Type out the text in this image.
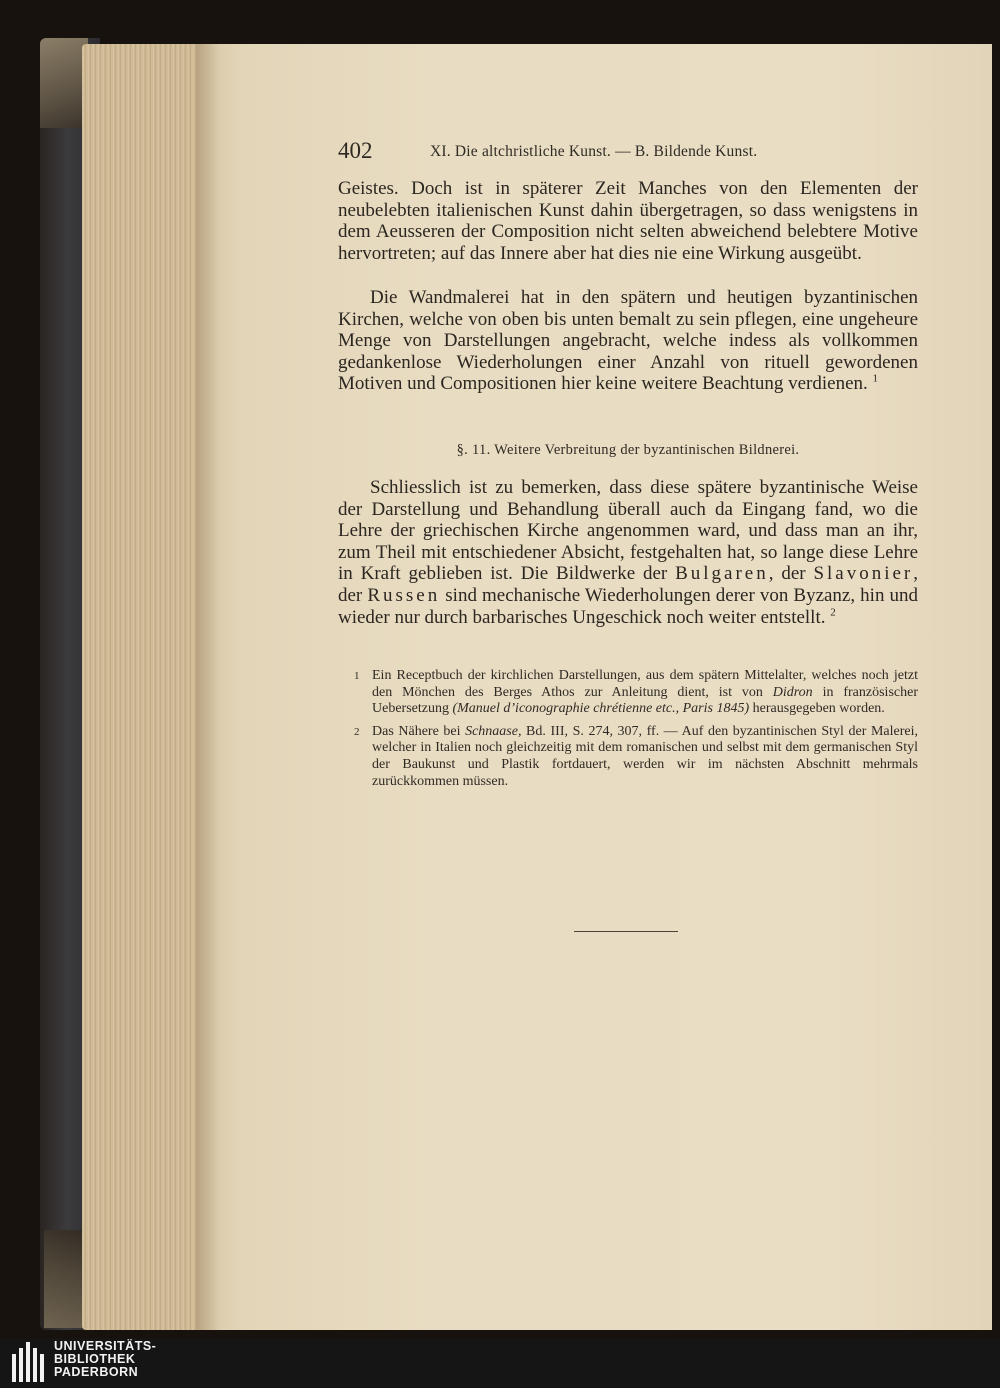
402	XI. Die altchristliche Kunst. — B. Bildende Kunst.
Geistes. Doch ist in späterer Zeit Manches von den Elementen der neubelebten italienischen Kunst dahin übergetragen, so dass wenigstens in dem Aeusseren der Composition nicht selten abweichend belebtere Motive hervortreten; auf das Innere aber hat dies nie eine Wirkung ausgeübt.
Die Wandmalerei hat in den spätern und heutigen byzantinischen Kirchen, welche von oben bis unten bemalt zu sein pflegen, eine ungeheure Menge von Darstellungen angebracht, welche indess als vollkommen gedankenlose Wiederholungen einer Anzahl von rituell gewordenen Motiven und Compositionen hier keine weitere Beachtung verdienen. $^1$
§. 11. Weitere Verbreitung der byzantinischen Bildnerei.
Schliesslich ist zu bemerken, dass diese spätere byzantinische Weise der Darstellung und Behandlung überall auch da Eingang fand, wo die Lehre der griechischen Kirche angenommen ward, und dass man an ihr, zum Theil mit entschiedener Absicht, festgehalten hat, so lange diese Lehre in Kraft geblieben ist. Die Bildwerke der Bulgaren, der Slavonier, der Russen sind mechanische Wiederholungen derer von Byzanz, hin und wieder nur durch barbarisches Ungeschick noch weiter entstellt. $^2$
1 Ein Receptbuch der kirchlichen Darstellungen, aus dem spätern Mittelalter, welches noch jetzt den Mönchen des Berges Athos zur Anleitung dient, ist von Didron in französischer Uebersetzung (Manuel d’iconographie chrétienne etc., Paris 1845) herausgegeben worden.
2 Das Nähere bei Schnaase, Bd. III, S. 274, 307, ff. — Auf den byzantinischen Styl der Malerei, welcher in Italien noch gleichzeitig mit dem romanischen und selbst mit dem germanischen Styl der Baukunst und Plastik fortdauert, werden wir im nächsten Abschnitt mehrmals zurückkommen müssen.
UNIVERSITÄTS-
BIBLIOTHEK
PADERBORN
